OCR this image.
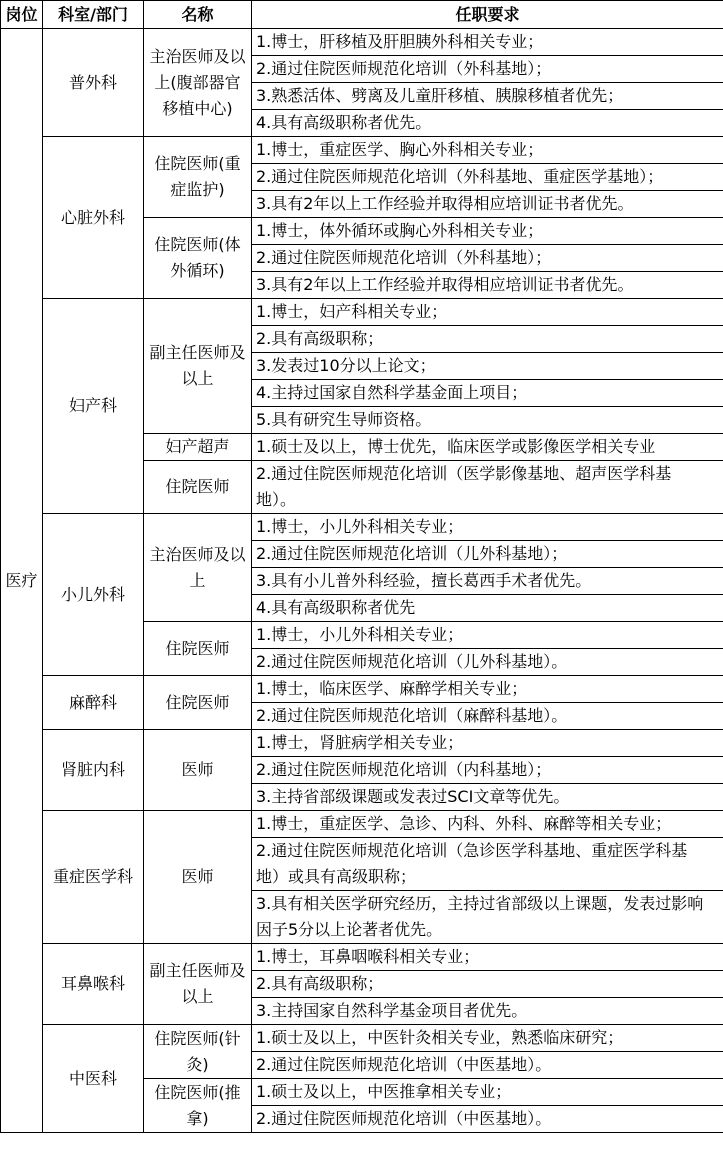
岗位	科室/部门	名称	任职要求
医疗	普外科	主治医师及以上(腹部器官移植中心)	1.博士，肝移植及肝胆胰外科相关专业；
			2.通过住院医师规范化培训（外科基地）；
			3.熟悉活体、劈离及儿童肝移植、胰腺移植者优先；
			4.具有高级职称者优先。
	心脏外科	住院医师(重症监护)	1.博士，重症医学、胸心外科相关专业；
			2.通过住院医师规范化培训（外科基地、重症医学基地）；
			3.具有2年以上工作经验并取得相应培训证书者优先。
		住院医师(体外循环)	1.博士，体外循环或胸心外科相关专业；
			2.通过住院医师规范化培训（外科基地）；
			3.具有2年以上工作经验并取得相应培训证书者优先。
	妇产科	副主任医师及以上	1.博士，妇产科相关专业；
			2.具有高级职称；
			3.发表过10分以上论文；
			4.主持过国家自然科学基金面上项目；
			5.具有研究生导师资格。
		妇产超声	1.硕士及以上，博士优先，临床医学或影像医学相关专业
		住院医师	2.通过住院医师规范化培训（医学影像基地、超声医学科基地）。
	小儿外科	主治医师及以上	1.博士，小儿外科相关专业；
			2.通过住院医师规范化培训（儿外科基地）；
			3.具有小儿普外科经验，擅长葛西手术者优先。
			4.具有高级职称者优先
		住院医师	1.博士，小儿外科相关专业；
			2.通过住院医师规范化培训（儿外科基地）。
	麻醉科	住院医师	1.博士，临床医学、麻醉学相关专业；
			2.通过住院医师规范化培训（麻醉科基地）。
	肾脏内科	医师	1.博士，肾脏病学相关专业；
			2.通过住院医师规范化培训（内科基地）；
			3.主持省部级课题或发表过SCI文章等优先。
	重症医学科	医师	1.博士，重症医学、急诊、内科、外科、麻醉等相关专业；
			2.通过住院医师规范化培训（急诊医学科基地、重症医学科基地）或具有高级职称；
			3.具有相关医学研究经历，主持过省部级以上课题，发表过影响因子5分以上论著者优先。
	耳鼻喉科	副主任医师及以上	1.博士，耳鼻咽喉科相关专业；
			2.具有高级职称；
			3.主持国家自然科学基金项目者优先。
	中医科	住院医师(针灸)	1.硕士及以上，中医针灸相关专业，熟悉临床研究；
			2.通过住院医师规范化培训（中医基地）。
		住院医师(推拿)	1.硕士及以上，中医推拿相关专业；
			2.通过住院医师规范化培训（中医基地）。
